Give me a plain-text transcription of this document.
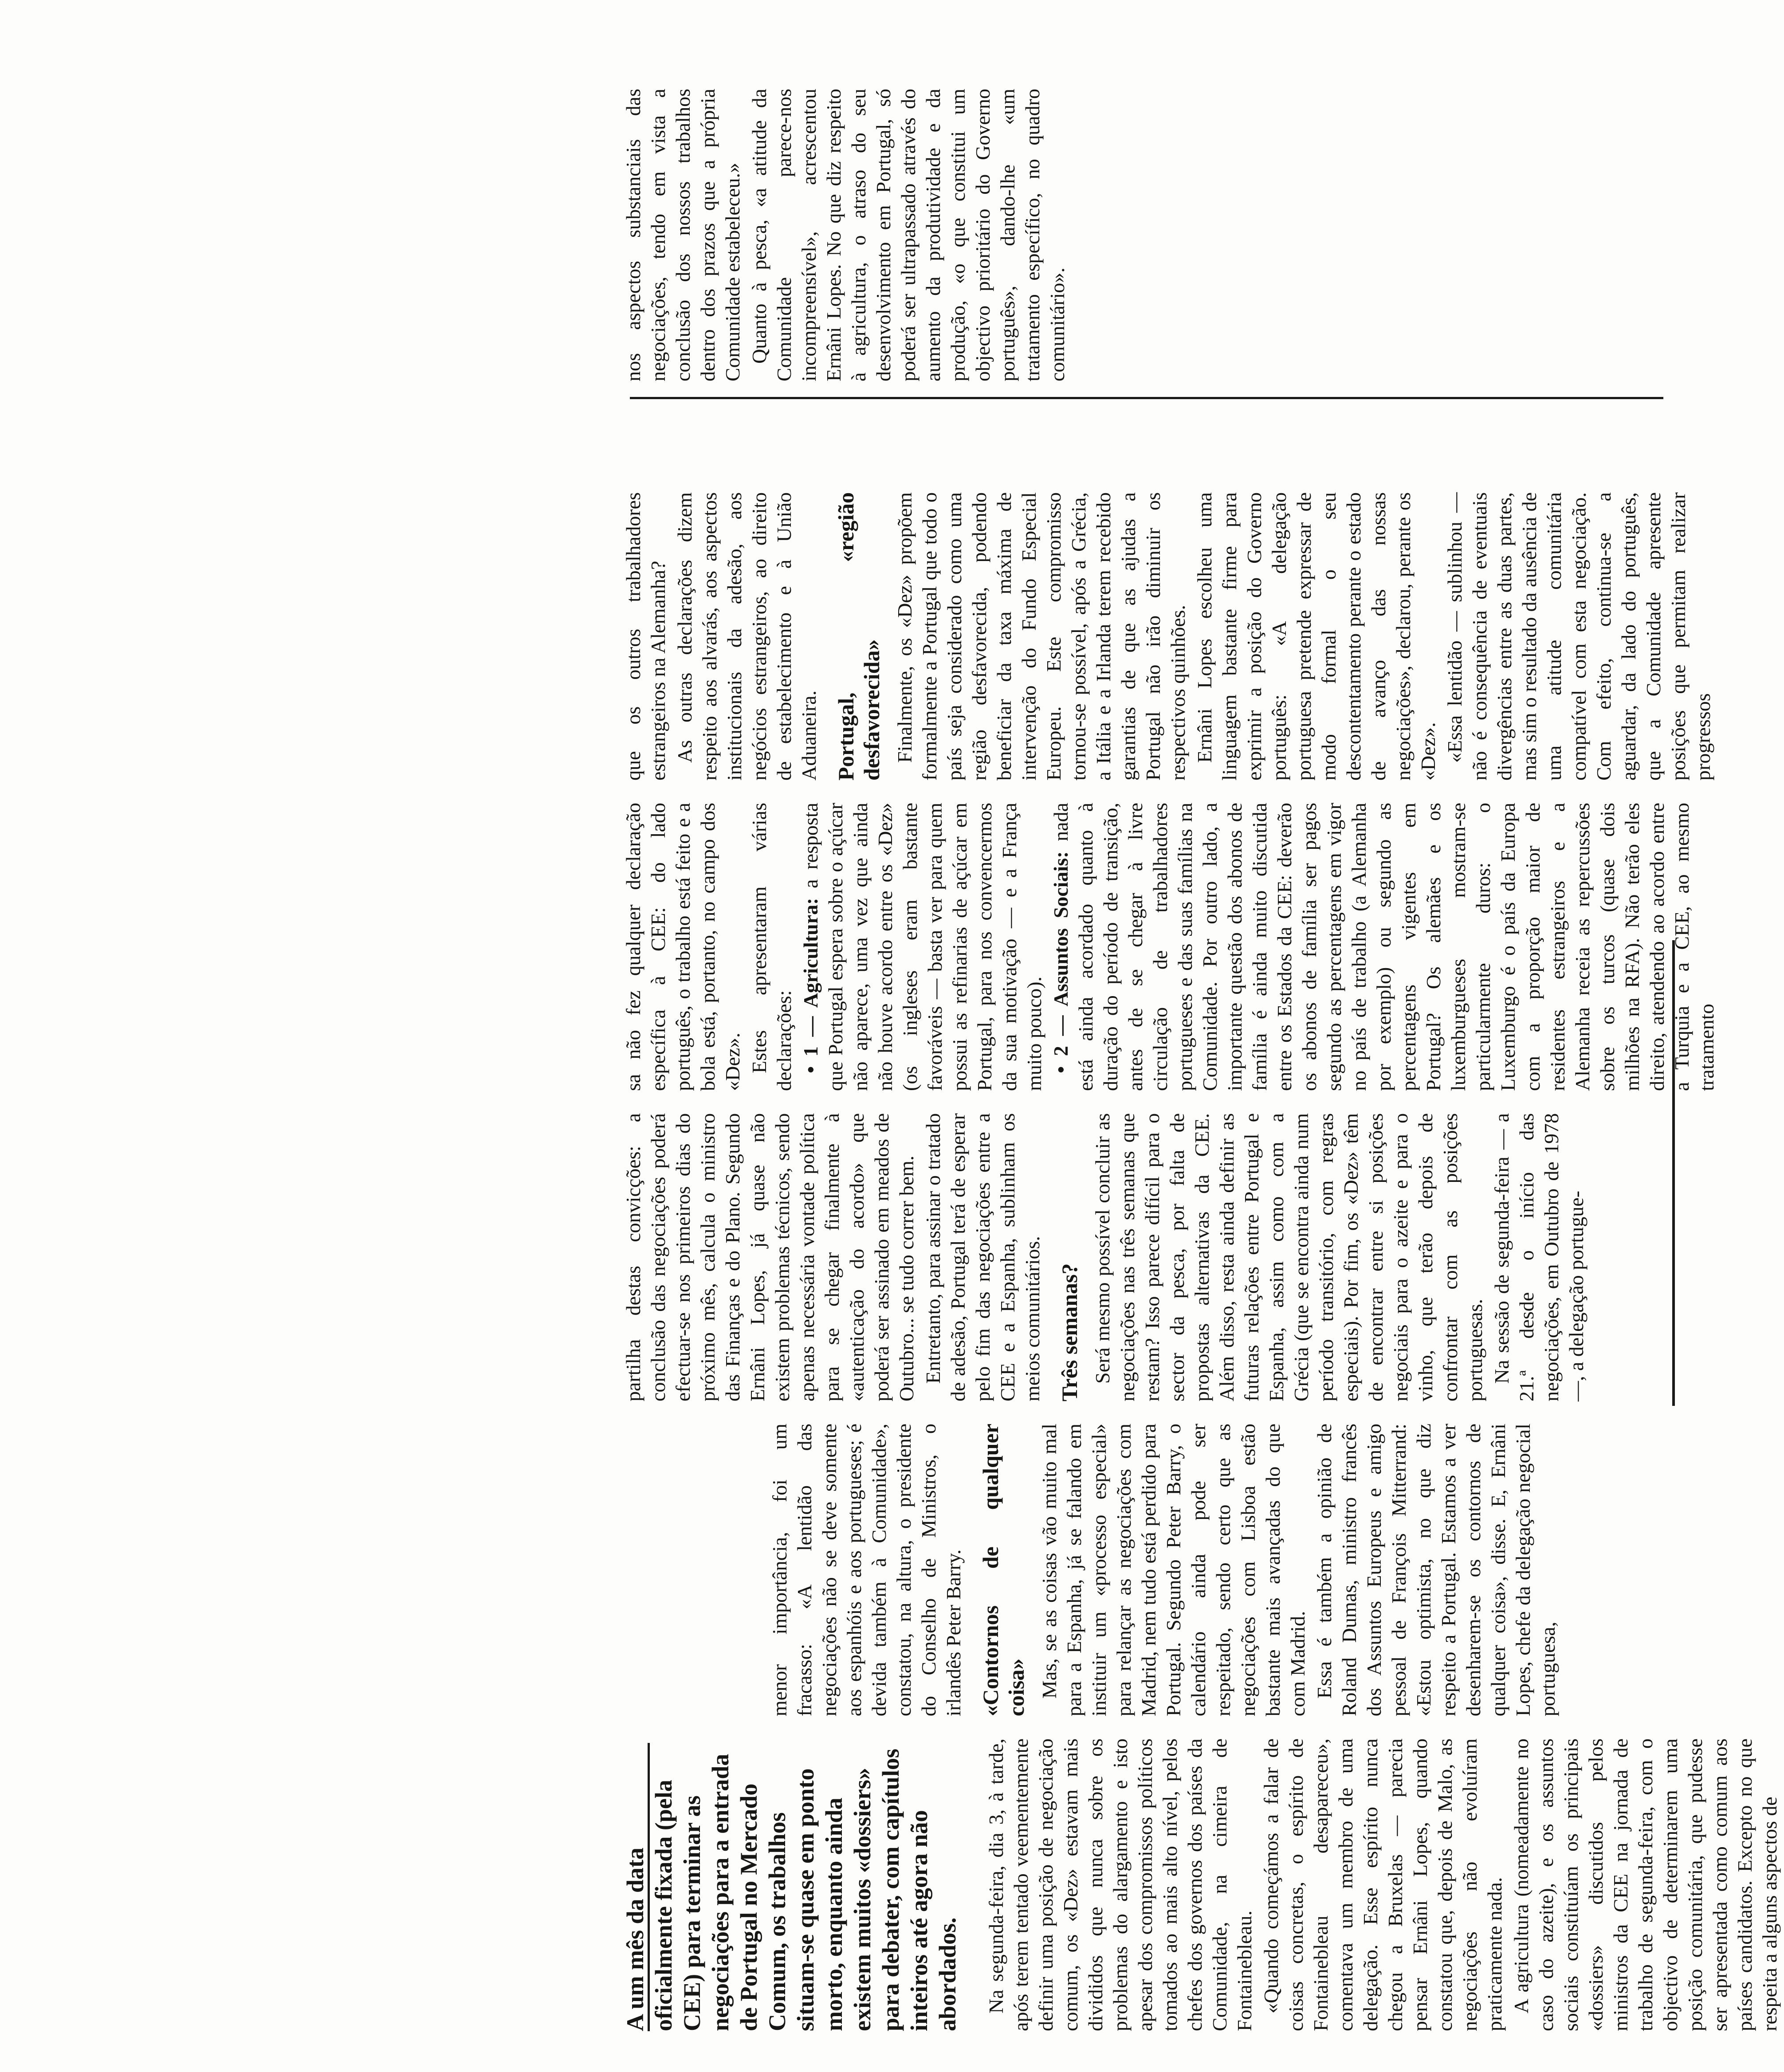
A um mês da data oficialmente fixada (pela CEE) para terminar as negociações para a entrada de Portugal no Mercado Comum, os trabalhos situam-se quase em ponto morto, enquanto ainda existem muitos «dossiers» para debater, com capítulos inteiros até agora não abordados. Na segunda-feira, dia 3, à tarde, após terem tentado veementemente definir uma posição de negociação comum, os «Dez» estavam mais divididos que nunca sobre os problemas do alargamento e isto apesar dos compromissos políticos tomados ao mais alto nível, pelos chefes dos governos dos países da Comunidade, na cimeira de Fontainebleau. «Quando começámos a falar de coisas concretas, o espírito de Fontainebleau desapareceu», comentava um membro de uma delegação. Esse espírito nunca chegou a Bruxelas — parecia pensar Ernâni Lopes, quando constatou que, depois de Malo, as negociações não evoluíram praticamente nada. A agricultura (nomeadamente no caso do azeite), e os assuntos sociais constituíam os principais «dossiers» discutidos pelos ministros da CEE na jornada de trabalho de segunda-feira, com o objectivo de determinarem uma posição comunitária, que pudesse ser apresentada como comum aos países candidatos. Excepto no que respeita a alguns aspectos de

menor importância, foi um fracasso: «A lentidão das negociações não se deve somente aos espanhóis e aos portugueses; é devida também à Comunidade», constatou, na altura, o presidente do Conselho de Ministros, o irlandês Peter Barry. «Contornos de qualquer coisa» Mas, se as coisas vão muito mal para a Espanha, já se falando em instituir um «processo especial» para relançar as negociações com Madrid, nem tudo está perdido para Portugal. Segundo Peter Barry, o calendário ainda pode ser respeitado, sendo certo que as negociações com Lisboa estão bastante mais avançadas do que com Madrid. Essa é também a opinião de Roland Dumas, ministro francês dos Assuntos Europeus e amigo pessoal de François Mitterrand: «Estou optimista, no que diz respeito a Portugal. Estamos a ver desenharem-se os contornos de qualquer coisa», disse. E, Ernâni Lopes, chefe da delegação negocial portuguesa,

partilha destas convicções: a conclusão das negociações poderá efectuar-se nos primeiros dias do próximo mês, calcula o ministro das Finanças e do Plano. Segundo Ernâni Lopes, já quase não existem problemas técnicos, sendo apenas necessária vontade política para se chegar finalmente à «autenticação do acordo» que poderá ser assinado em meados de Outubro... se tudo correr bem. Entretanto, para assinar o tratado de adesão, Portugal terá de esperar pelo fim das negociações entre a CEE e a Espanha, sublinham os meios comunitários. Três semanas? Será mesmo possível concluir as negociações nas três semanas que restam? Isso parece difícil para o sector da pesca, por falta de propostas alternativas da CEE. Além disso, resta ainda definir as futuras relações entre Portugal e Espanha, assim como com a Grécia (que se encontra ainda num período transitório, com regras especiais). Por fim, os «Dez» têm de encontrar entre si posições negociais para o azeite e para o vinho, que terão depois de confrontar com as posições portuguesas. Na sessão de segunda-feira — a 21.ª desde o início das negociações, em Outubro de 1978 —, a delegação portugue-

sa não fez qualquer declaração específica à CEE: do lado português, o trabalho está feito e a bola está, portanto, no campo dos «Dez». Estes apresentaram várias declarações: • 1 — Agricultura: a resposta que Portugal espera sobre o açúcar não aparece, uma vez que ainda não houve acordo entre os «Dez» (os ingleses eram bastante favoráveis — basta ver para quem possui as refinarias de açúcar em Portugal, para nos convencermos da sua motivação — e a França muito pouco). • 2 — Assuntos Sociais: nada está ainda acordado quanto à duração do período de transição, antes de se chegar à livre circulação de trabalhadores portugueses e das suas famílias na Comunidade. Por outro lado, a importante questão dos abonos de família é ainda muito discutida entre os Estados da CEE: deverão os abonos de família ser pagos segundo as percentagens em vigor no país de trabalho (a Alemanha por exemplo) ou segundo as percentagens vigentes em Portugal? Os alemães e os luxemburgueses mostram-se particularmente duros: o Luxemburgo é o país da Europa com a proporção maior de residentes estrangeiros e a Alemanha receia as repercussões sobre os turcos (quase dois milhões na RFA). Não terão eles direito, atendendo ao acordo entre a Turquia e a CEE, ao mesmo tratamento

que os outros trabalhadores estrangeiros na Alemanha? As outras declarações dizem respeito aos alvarás, aos aspectos institucionais da adesão, aos negócios estrangeiros, ao direito de estabelecimento e à União Aduaneira. Portugal, «região desfavorecida» Finalmente, os «Dez» propõem formalmente a Portugal que todo o país seja considerado como uma região desfavorecida, podendo beneficiar da taxa máxima de intervenção do Fundo Especial Europeu. Este compromisso tornou-se possível, após a Grécia, a Itália e a Irlanda terem recebido garantias de que as ajudas a Portugal não irão diminuir os respectivos quinhões. Ernâni Lopes escolheu uma linguagem bastante firme para exprimir a posição do Governo português: «A delegação portuguesa pretende expressar de modo formal o seu descontentamento perante o estado de avanço das nossas negociações», declarou, perante os «Dez». «Essa lentidão — sublinhou — não é consequência de eventuais divergências entre as duas partes, mas sim o resultado da ausência de uma atitude comunitária compatível com esta negociação. Com efeito, continua-se a aguardar, da lado do português, que a Comunidade apresente posições que permitam realizar progressos

nos aspectos substanciais das negociações, tendo em vista a conclusão dos nossos trabalhos dentro dos prazos que a própria Comunidade estabeleceu.» Quanto à pesca, «a atitude da Comunidade parece-nos incompreensível», acrescentou Ernâni Lopes. No que diz respeito à agricultura, o atraso do seu desenvolvimento em Portugal, só poderá ser ultrapassado através do aumento da produtividade e da produção, «o que constitui um objectivo prioritário do Governo português», dando-lhe «um tratamento específico, no quadro comunitário».
